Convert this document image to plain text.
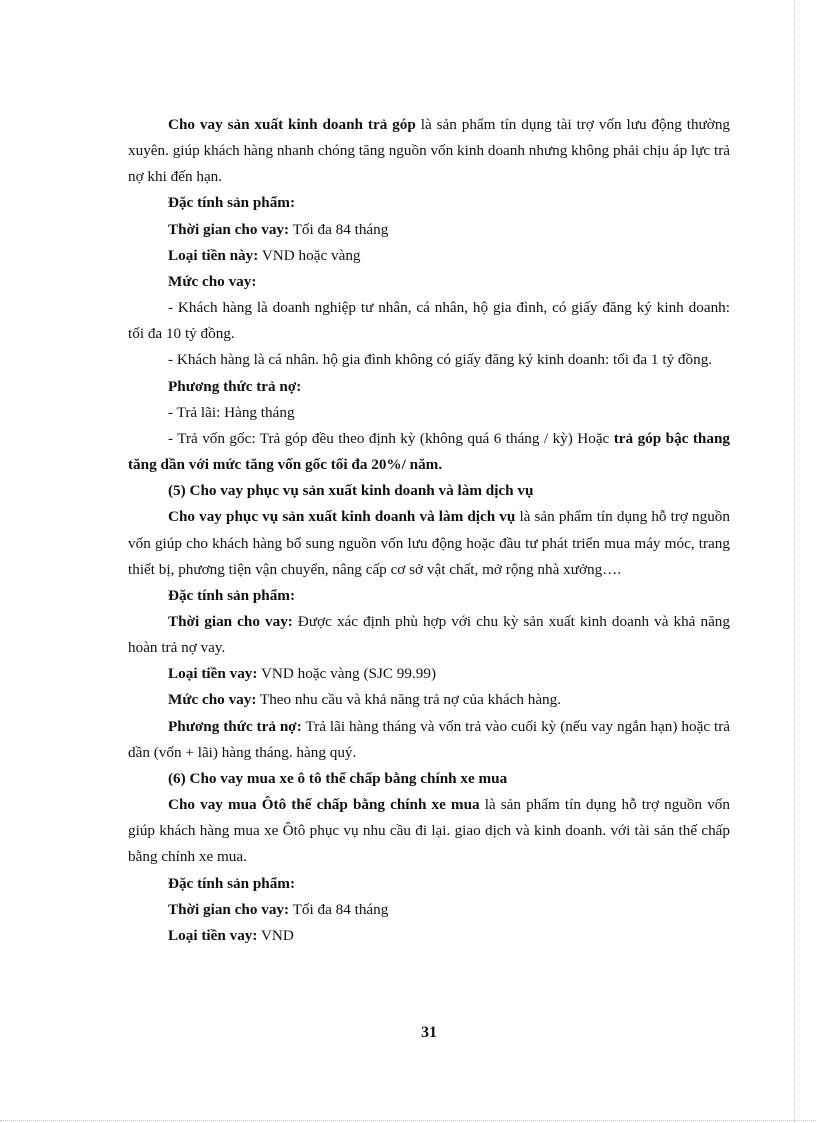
Cho vay sản xuất kinh doanh trả góp là sản phẩm tín dụng tài trợ vốn lưu động thường xuyên. giúp khách hàng nhanh chóng tăng nguồn vốn kinh doanh nhưng không phải chịu áp lực trả nợ khi đến hạn.

Đặc tính sản phẩm:

Thời gian cho vay: Tối đa 84 tháng

Loại tiền này: VND hoặc vàng

Mức cho vay:

- Khách hàng là doanh nghiệp tư nhân, cá nhân, hộ gia đình, có giấy đăng ký kinh doanh: tối đa 10 tỷ đồng.

- Khách hàng là cá nhân. hộ gia đình không có giấy đăng ký kinh doanh: tối đa 1 tỷ đồng.

Phương thức trả nợ:

- Trả lãi: Hàng tháng

- Trả vốn gốc: Trả góp đều theo định kỳ (không quá 6 tháng / kỳ) Hoặc trả góp bậc thang tăng dần với mức tăng vốn gốc tối đa 20%/ năm.

(5) Cho vay phục vụ sản xuất kinh doanh và làm dịch vụ

Cho vay phục vụ sản xuất kinh doanh và làm dịch vụ là sản phẩm tín dụng hỗ trợ nguồn vốn giúp cho khách hàng bổ sung nguồn vốn lưu động hoặc đầu tư phát triển mua máy móc, trang thiết bị, phương tiện vận chuyển, nâng cấp cơ sở vật chất, mở rộng nhà xưởng….

Đặc tính sản phẩm:

Thời gian cho vay: Được xác định phù hợp với chu kỳ sản xuất kinh doanh và khả năng hoàn trả nợ vay.

Loại tiền vay: VND hoặc vàng (SJC 99.99)

Mức cho vay: Theo nhu cầu và khả năng trả nợ của khách hàng.

Phương thức trả nợ: Trả lãi hàng tháng và vốn trả vào cuối kỳ (nếu vay ngắn hạn) hoặc trả dần (vốn + lãi) hàng tháng. hàng quý.

(6) Cho vay mua xe ô tô thế chấp bằng chính xe mua

Cho vay mua Ôtô thế chấp bằng chính xe mua là sản phẩm tín dụng hỗ trợ nguồn vốn giúp khách hàng mua xe Ôtô phục vụ nhu cầu đi lại. giao dịch và kinh doanh. với tài sản thế chấp bằng chính xe mua.

Đặc tính sản phẩm:

Thời gian cho vay: Tối đa 84 tháng

Loại tiền vay: VND

31
